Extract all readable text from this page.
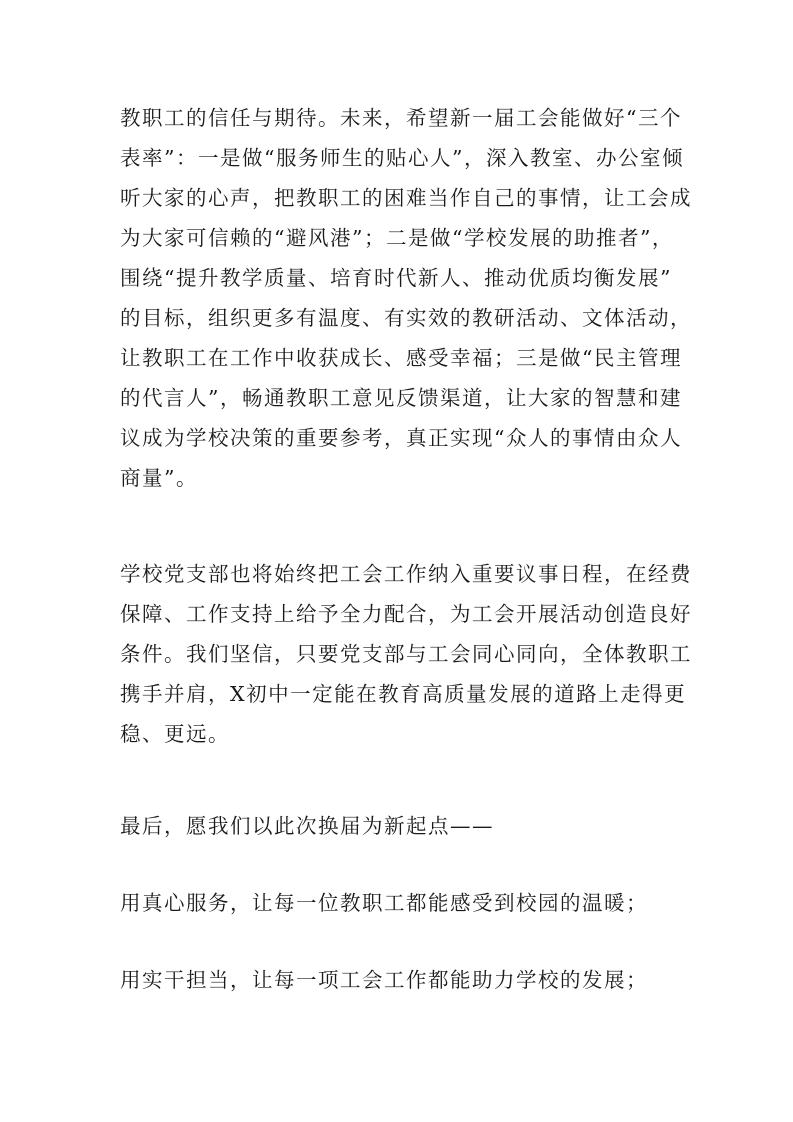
教职工的信任与期待。未来，希望新一届工会能做好“三个
表率”：一是做“服务师生的贴心人”，深入教室、办公室倾
听大家的心声，把教职工的困难当作自己的事情，让工会成
为大家可信赖的“避风港”；二是做“学校发展的助推者”，
围绕“提升教学质量、培育时代新人、推动优质均衡发展”
的目标，组织更多有温度、有实效的教研活动、文体活动，
让教职工在工作中收获成长、感受幸福；三是做“民主管理
的代言人”，畅通教职工意见反馈渠道，让大家的智慧和建
议成为学校决策的重要参考，真正实现“众人的事情由众人
商量”。

学校党支部也将始终把工会工作纳入重要议事日程，在经费
保障、工作支持上给予全力配合，为工会开展活动创造良好
条件。我们坚信，只要党支部与工会同心同向，全体教职工
携手并肩，X初中一定能在教育高质量发展的道路上走得更
稳、更远。

最后，愿我们以此次换届为新起点——

用真心服务，让每一位教职工都能感受到校园的温暖；

用实干担当，让每一项工会工作都能助力学校的发展；
